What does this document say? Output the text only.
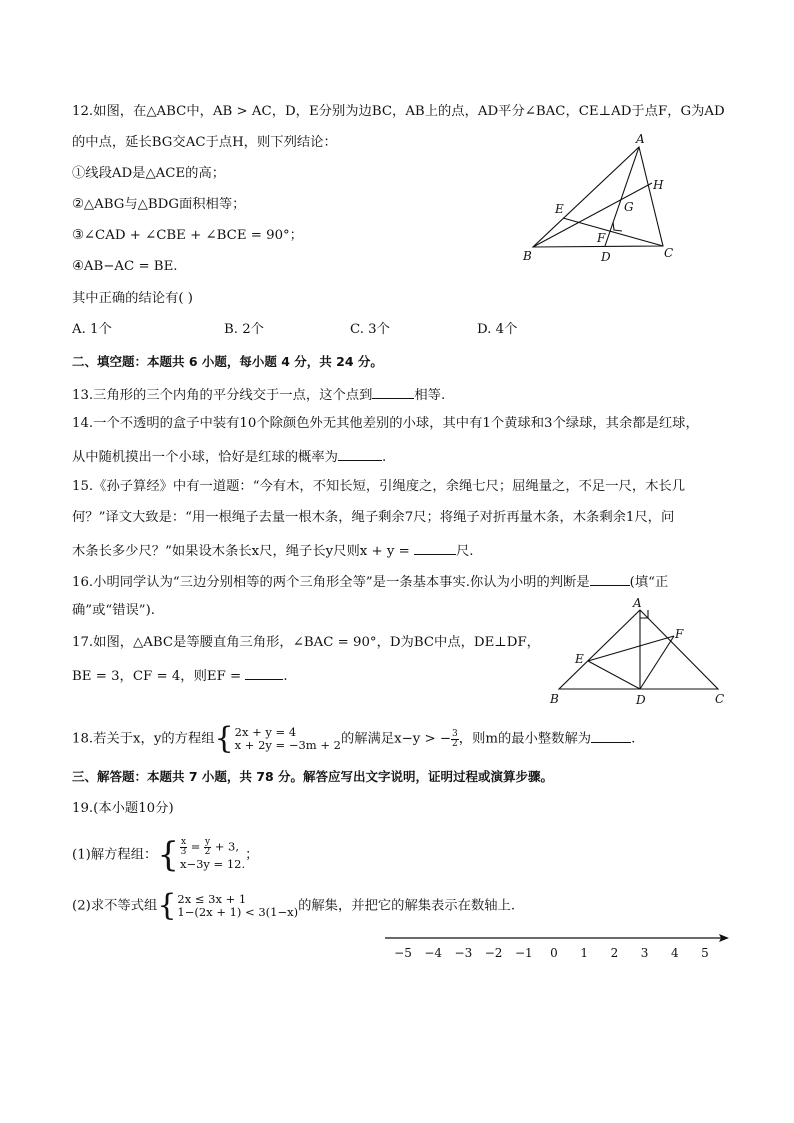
12.如图，在△ABC中，AB > AC，D，E分别为边BC，AB上的点，AD平分∠BAC，CE⊥AD于点F，G为AD
的中点，延长BG交AC于点H，则下列结论：
①线段AD是△ACE的高；
②△ABG与△BDG面积相等；
③∠CAD + ∠CBE + ∠BCE = 90°；
④AB−AC = BE.
其中正确的结论有( )
A. 1个	B. 2个	C. 3个	D. 4个
A
B	C
D
E
F
G
H
二、填空题：本题共 6 小题，每小题 4 分，共 24 分。
13.三角形的三个内角的平分线交于一点，这个点到	相等.
14.一个不透明的盒子中装有10个除颜色外无其他差别的小球，其中有1个黄球和3个绿球，其余都是红球，
从中随机摸出一个小球，恰好是红球的概率为	.
15.《孙子算经》中有一道题：“今有木，不知长短，引绳度之，余绳七尺；屈绳量之，不足一尺，木长几
何？”译文大致是：“用一根绳子去量一根木条，绳子剩余7尺；将绳子对折再量木条，木条剩余1尺，问
木条长多少尺？”如果设木条长x尺，绳子长y尺则x + y =	尺.
16.小明同学认为“三边分别相等的两个三角形全等”是一条基本事实.你认为小明的判断是	(填“正
确”或“错误”).
17.如图，△ABC是等腰直角三角形，∠BAC = 90°，D为BC中点，DE⊥DF，
BE = 3，CF = 4，则EF =	.
A
B	C
D
E
F
18.若关于x，y的方程组 { 2x + y = 4
x + 2y = −3m + 2 的解满足x−y > − $\frac{3}{2}$ ，则m的最小整数解为	.
三、解答题：本题共 7 小题，共 78 分。解答应写出文字说明，证明过程或演算步骤。
19.(本小题10分)
(1)解方程组： { $\frac{x}{3} = \frac{y}{2} + 3$,
x−3y = 12.
；
(2)求不等式组 { 2x ≤ 3x + 1
1−(2x + 1) < 3(1−x) 的解集，并把它的解集表示在数轴上.
−5 −4 −3 −2 −1 0 1 2 3 4 5
